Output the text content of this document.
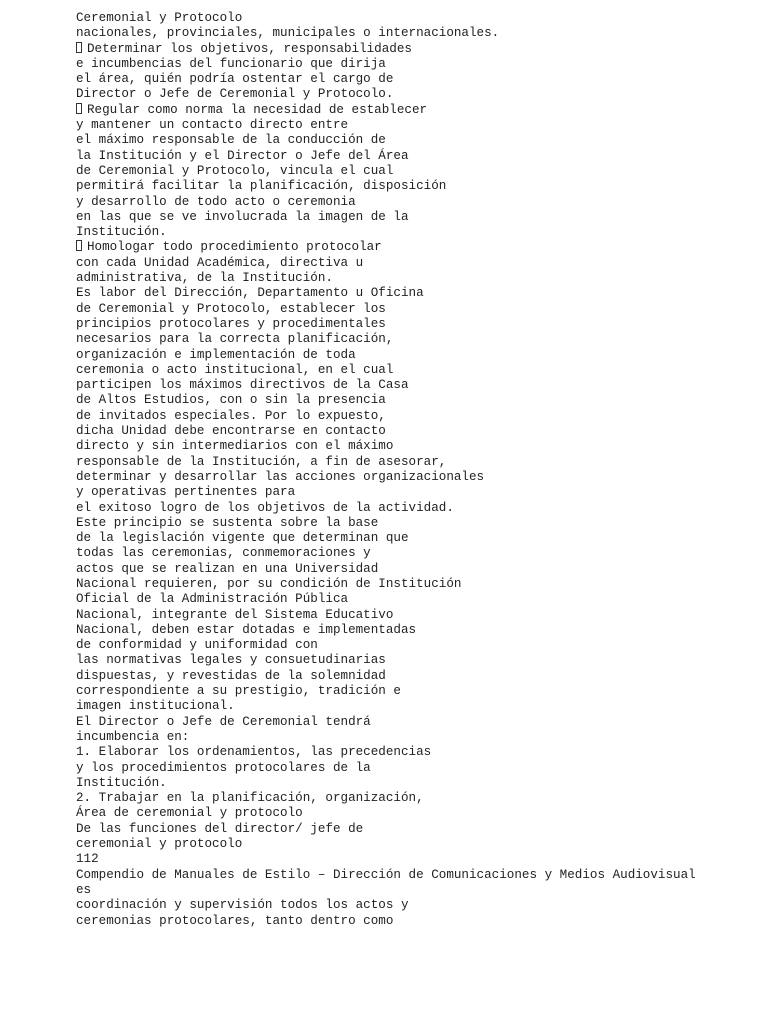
Ceremonial y Protocolo
nacionales, provinciales, municipales o internacionales.
Determinar los objetivos, responsabilidades
e incumbencias del funcionario que dirija
el área, quién podría ostentar el cargo de
Director o Jefe de Ceremonial y Protocolo.
Regular como norma la necesidad de establecer
y mantener un contacto directo entre
el máximo responsable de la conducción de
la Institución y el Director o Jefe del Área
de Ceremonial y Protocolo, vincula el cual
permitirá facilitar la planificación, disposición
y desarrollo de todo acto o ceremonia
en las que se ve involucrada la imagen de la
Institución.
Homologar todo procedimiento protocolar
con cada Unidad Académica, directiva u
administrativa, de la Institución.
Es labor del Dirección, Departamento u Oficina
de Ceremonial y Protocolo, establecer los
principios protocolares y procedimentales
necesarios para la correcta planificación,
organización e implementación de toda
ceremonia o acto institucional, en el cual
participen los máximos directivos de la Casa
de Altos Estudios, con o sin la presencia
de invitados especiales. Por lo expuesto,
dicha Unidad debe encontrarse en contacto
directo y sin intermediarios con el máximo
responsable de la Institución, a fin de asesorar,
determinar y desarrollar las acciones organizacionales
y operativas pertinentes para
el exitoso logro de los objetivos de la actividad.
Este principio se sustenta sobre la base
de la legislación vigente que determinan que
todas las ceremonias, conmemoraciones y
actos que se realizan en una Universidad
Nacional requieren, por su condición de Institución
Oficial de la Administración Pública
Nacional, integrante del Sistema Educativo
Nacional, deben estar dotadas e implementadas
de conformidad y uniformidad con
las normativas legales y consuetudinarias
dispuestas, y revestidas de la solemnidad
correspondiente a su prestigio, tradición e
imagen institucional.
El Director o Jefe de Ceremonial tendrá
incumbencia en:
1. Elaborar los ordenamientos, las precedencias
y los procedimientos protocolares de la
Institución.
2. Trabajar en la planificación, organización,
Área de ceremonial y protocolo
De las funciones del director/ jefe de
ceremonial y protocolo
112
Compendio de Manuales de Estilo – Dirección de Comunicaciones y Medios Audiovisual
es
coordinación y supervisión todos los actos y
ceremonias protocolares, tanto dentro como
